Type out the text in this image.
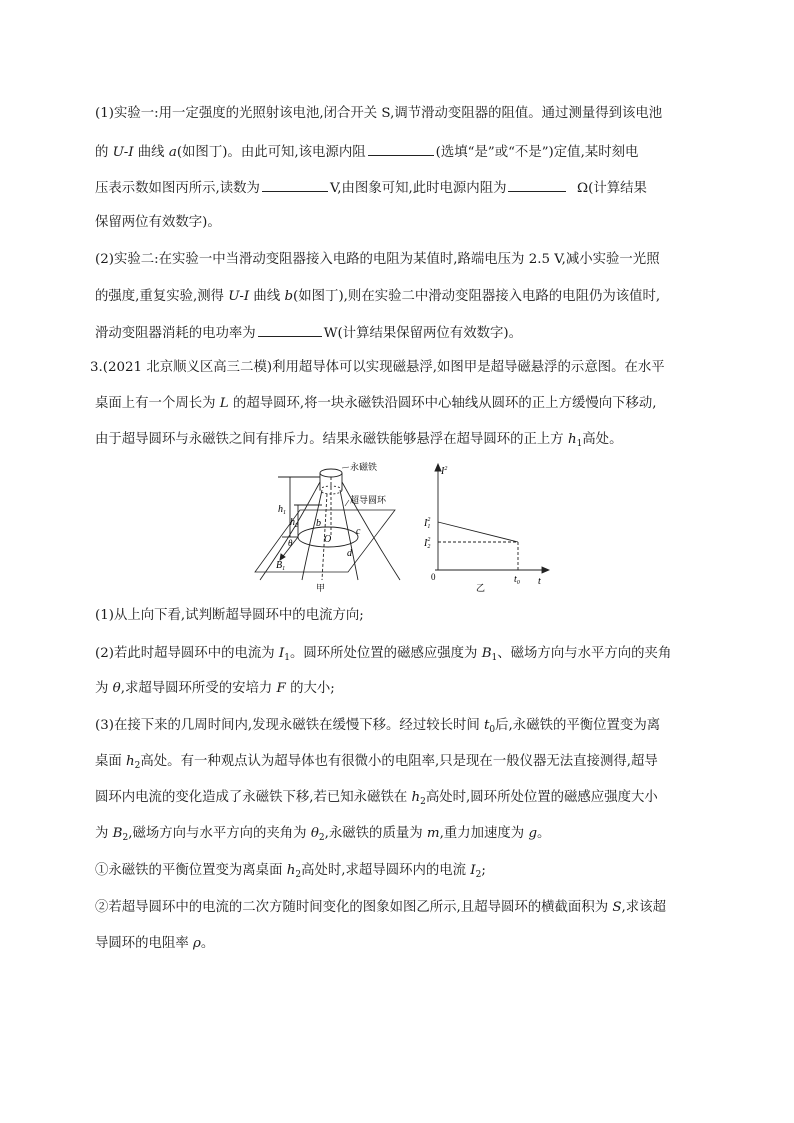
(1)实验一:用一定强度的光照射该电池,闭合开关 S,调节滑动变阻器的阻值。通过测量得到该电池
的 U-I 曲线 a(如图丁)。由此可知,该电源内阻	(选填“是”或“不是”)定值,某时刻电
压表示数如图丙所示,读数为	V,由图象可知,此时电源内阻为	Ω(计算结果
保留两位有效数字)。
(2)实验二:在实验一中当滑动变阻器接入电路的电阻为某值时,路端电压为 2.5 V,减小实验一光照
的强度,重复实验,测得 U-I 曲线 b(如图丁),则在实验二中滑动变阻器接入电路的电阻仍为该值时,
滑动变阻器消耗的电功率为	W(计算结果保留两位有效数字)。
3.(2021 北京顺义区高三二模)利用超导体可以实现磁悬浮,如图甲是超导磁悬浮的示意图。在水平
桌面上有一个周长为 L 的超导圆环,将一块永磁铁沿圆环中心轴线从圆环的正上方缓慢向下移动,
由于超导圆环与永磁铁之间有排斥力。结果永磁铁能够悬浮在超导圆环的正上方 $h_1$高处。
永磁铁
超导圆环
$h_1$
$h_2$ b
c
d
O
θ
$B_1$
甲
$I^2$
t
$I_12$
$I_22$
$t_0$
0
乙
(1)从上向下看,试判断超导圆环中的电流方向;
(2)若此时超导圆环中的电流为 $I_1$。圆环所处位置的磁感应强度为 $B_1$、磁场方向与水平方向的夹角
为 θ,求超导圆环所受的安培力 F 的大小;
(3)在接下来的几周时间内,发现永磁铁在缓慢下移。经过较长时间 $t_0$后,永磁铁的平衡位置变为离
桌面 $h_2$高处。有一种观点认为超导体也有很微小的电阻率,只是现在一般仪器无法直接测得,超导
圆环内电流的变化造成了永磁铁下移,若已知永磁铁在 $h_2$高处时,圆环所处位置的磁感应强度大小
为 $B_2$,磁场方向与水平方向的夹角为 $\theta_2$,永磁铁的质量为 m,重力加速度为 g。
①永磁铁的平衡位置变为离桌面 $h_2$高处时,求超导圆环内的电流 $I_2$;
②若超导圆环中的电流的二次方随时间变化的图象如图乙所示,且超导圆环的横截面积为 S,求该超
导圆环的电阻率 ρ。
